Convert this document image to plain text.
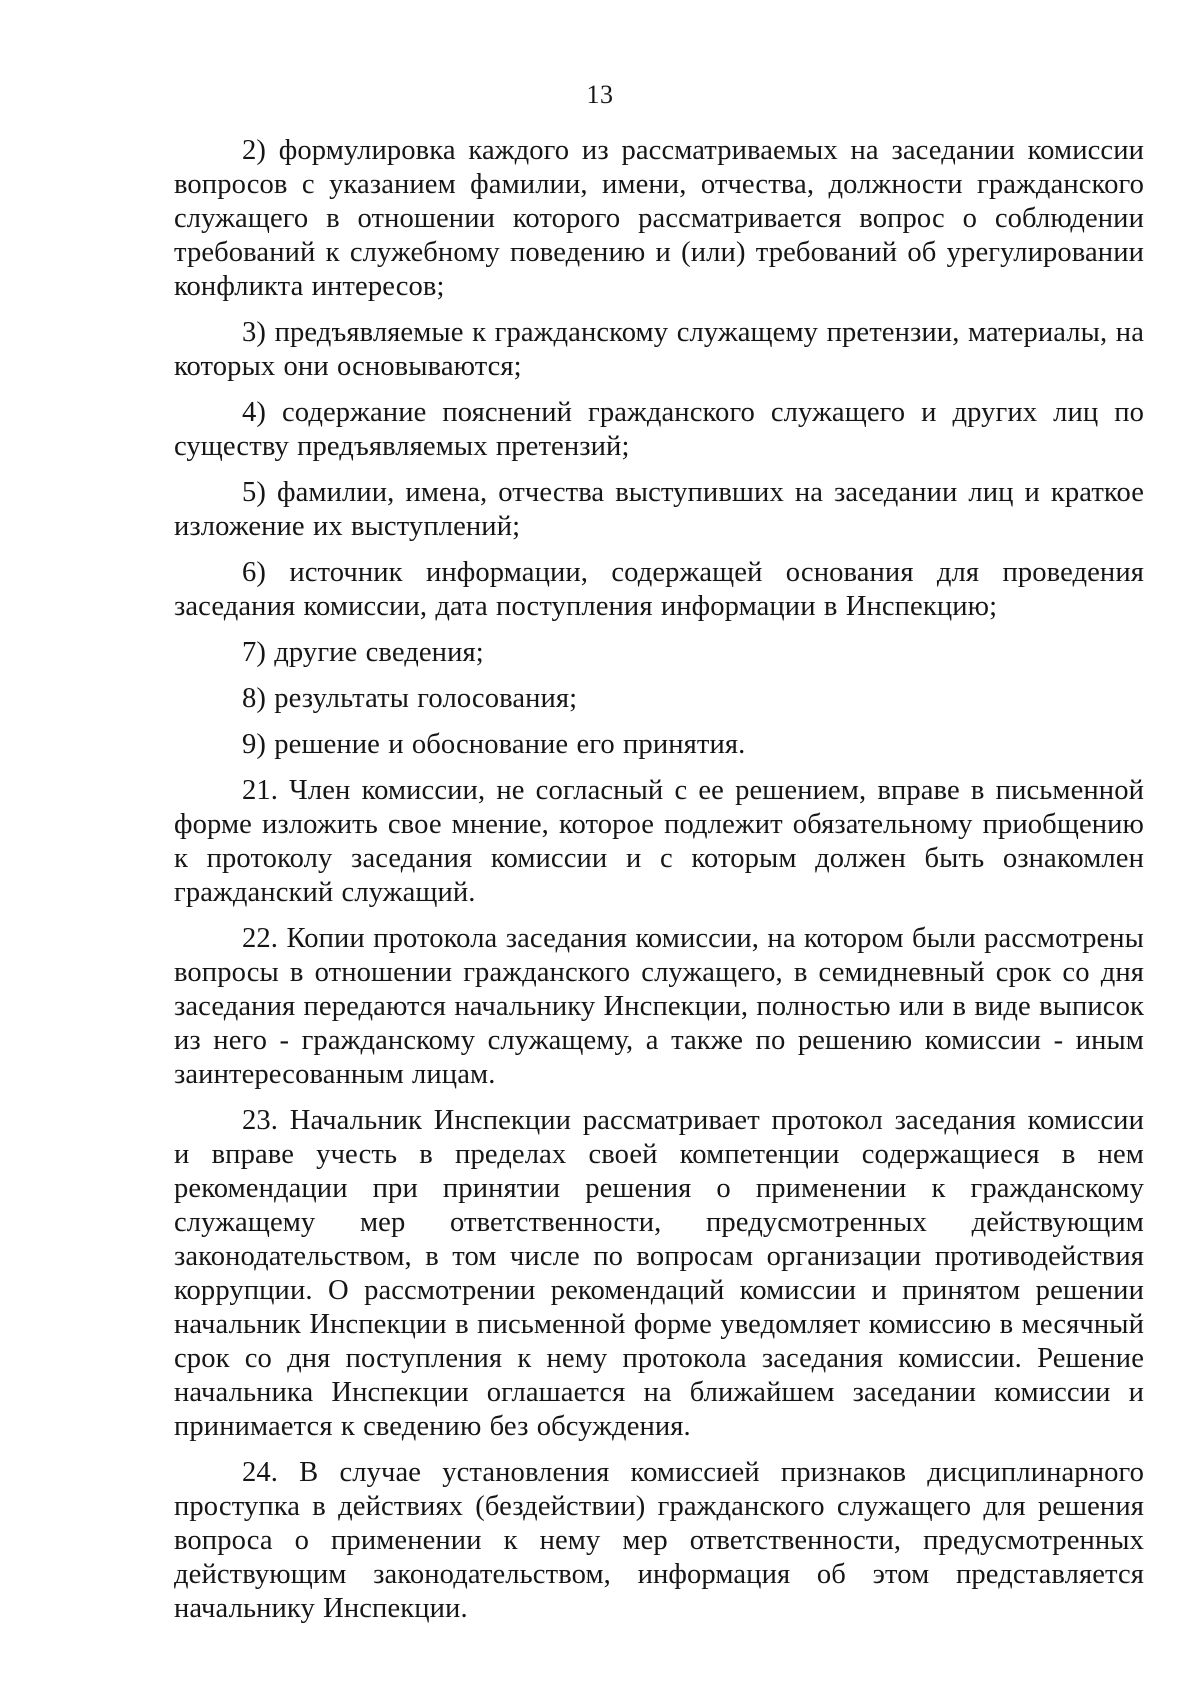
13

2) формулировка каждого из рассматриваемых на заседании комиссии вопросов с указанием фамилии, имени, отчества, должности гражданского служащего в отношении которого рассматривается вопрос о соблюдении требований к служебному поведению и (или) требований об урегулировании конфликта интересов;

3) предъявляемые к гражданскому служащему претензии, материалы, на которых они основываются;

4) содержание пояснений гражданского служащего и других лиц по существу предъявляемых претензий;

5) фамилии, имена, отчества выступивших на заседании лиц и краткое изложение их выступлений;

6) источник информации, содержащей основания для проведения заседания комиссии, дата поступления информации в Инспекцию;

7) другие сведения;

8) результаты голосования;

9) решение и обоснование его принятия.

21. Член комиссии, не согласный с ее решением, вправе в письменной форме изложить свое мнение, которое подлежит обязательному приобщению к протоколу заседания комиссии и с которым должен быть ознакомлен гражданский служащий.

22. Копии протокола заседания комиссии, на котором были рассмотрены вопросы в отношении гражданского служащего, в семидневный срок со дня заседания передаются начальнику Инспекции, полностью или в виде выписок из него - гражданскому служащему, а также по решению комиссии - иным заинтересованным лицам.

23. Начальник Инспекции рассматривает протокол заседания комиссии и вправе учесть в пределах своей компетенции содержащиеся в нем рекомендации при принятии решения о применении к гражданскому служащему мер ответственности, предусмотренных действующим законодательством, в том числе по вопросам организации противодействия коррупции. О рассмотрении рекомендаций комиссии и принятом решении начальник Инспекции в письменной форме уведомляет комиссию в месячный срок со дня поступления к нему протокола заседания комиссии. Решение начальника Инспекции оглашается на ближайшем заседании комиссии и принимается к сведению без обсуждения.

24. В случае установления комиссией признаков дисциплинарного проступка в действиях (бездействии) гражданского служащего для решения вопроса о применении к нему мер ответственности, предусмотренных действующим законодательством, информация об этом представляется начальнику Инспекции.
